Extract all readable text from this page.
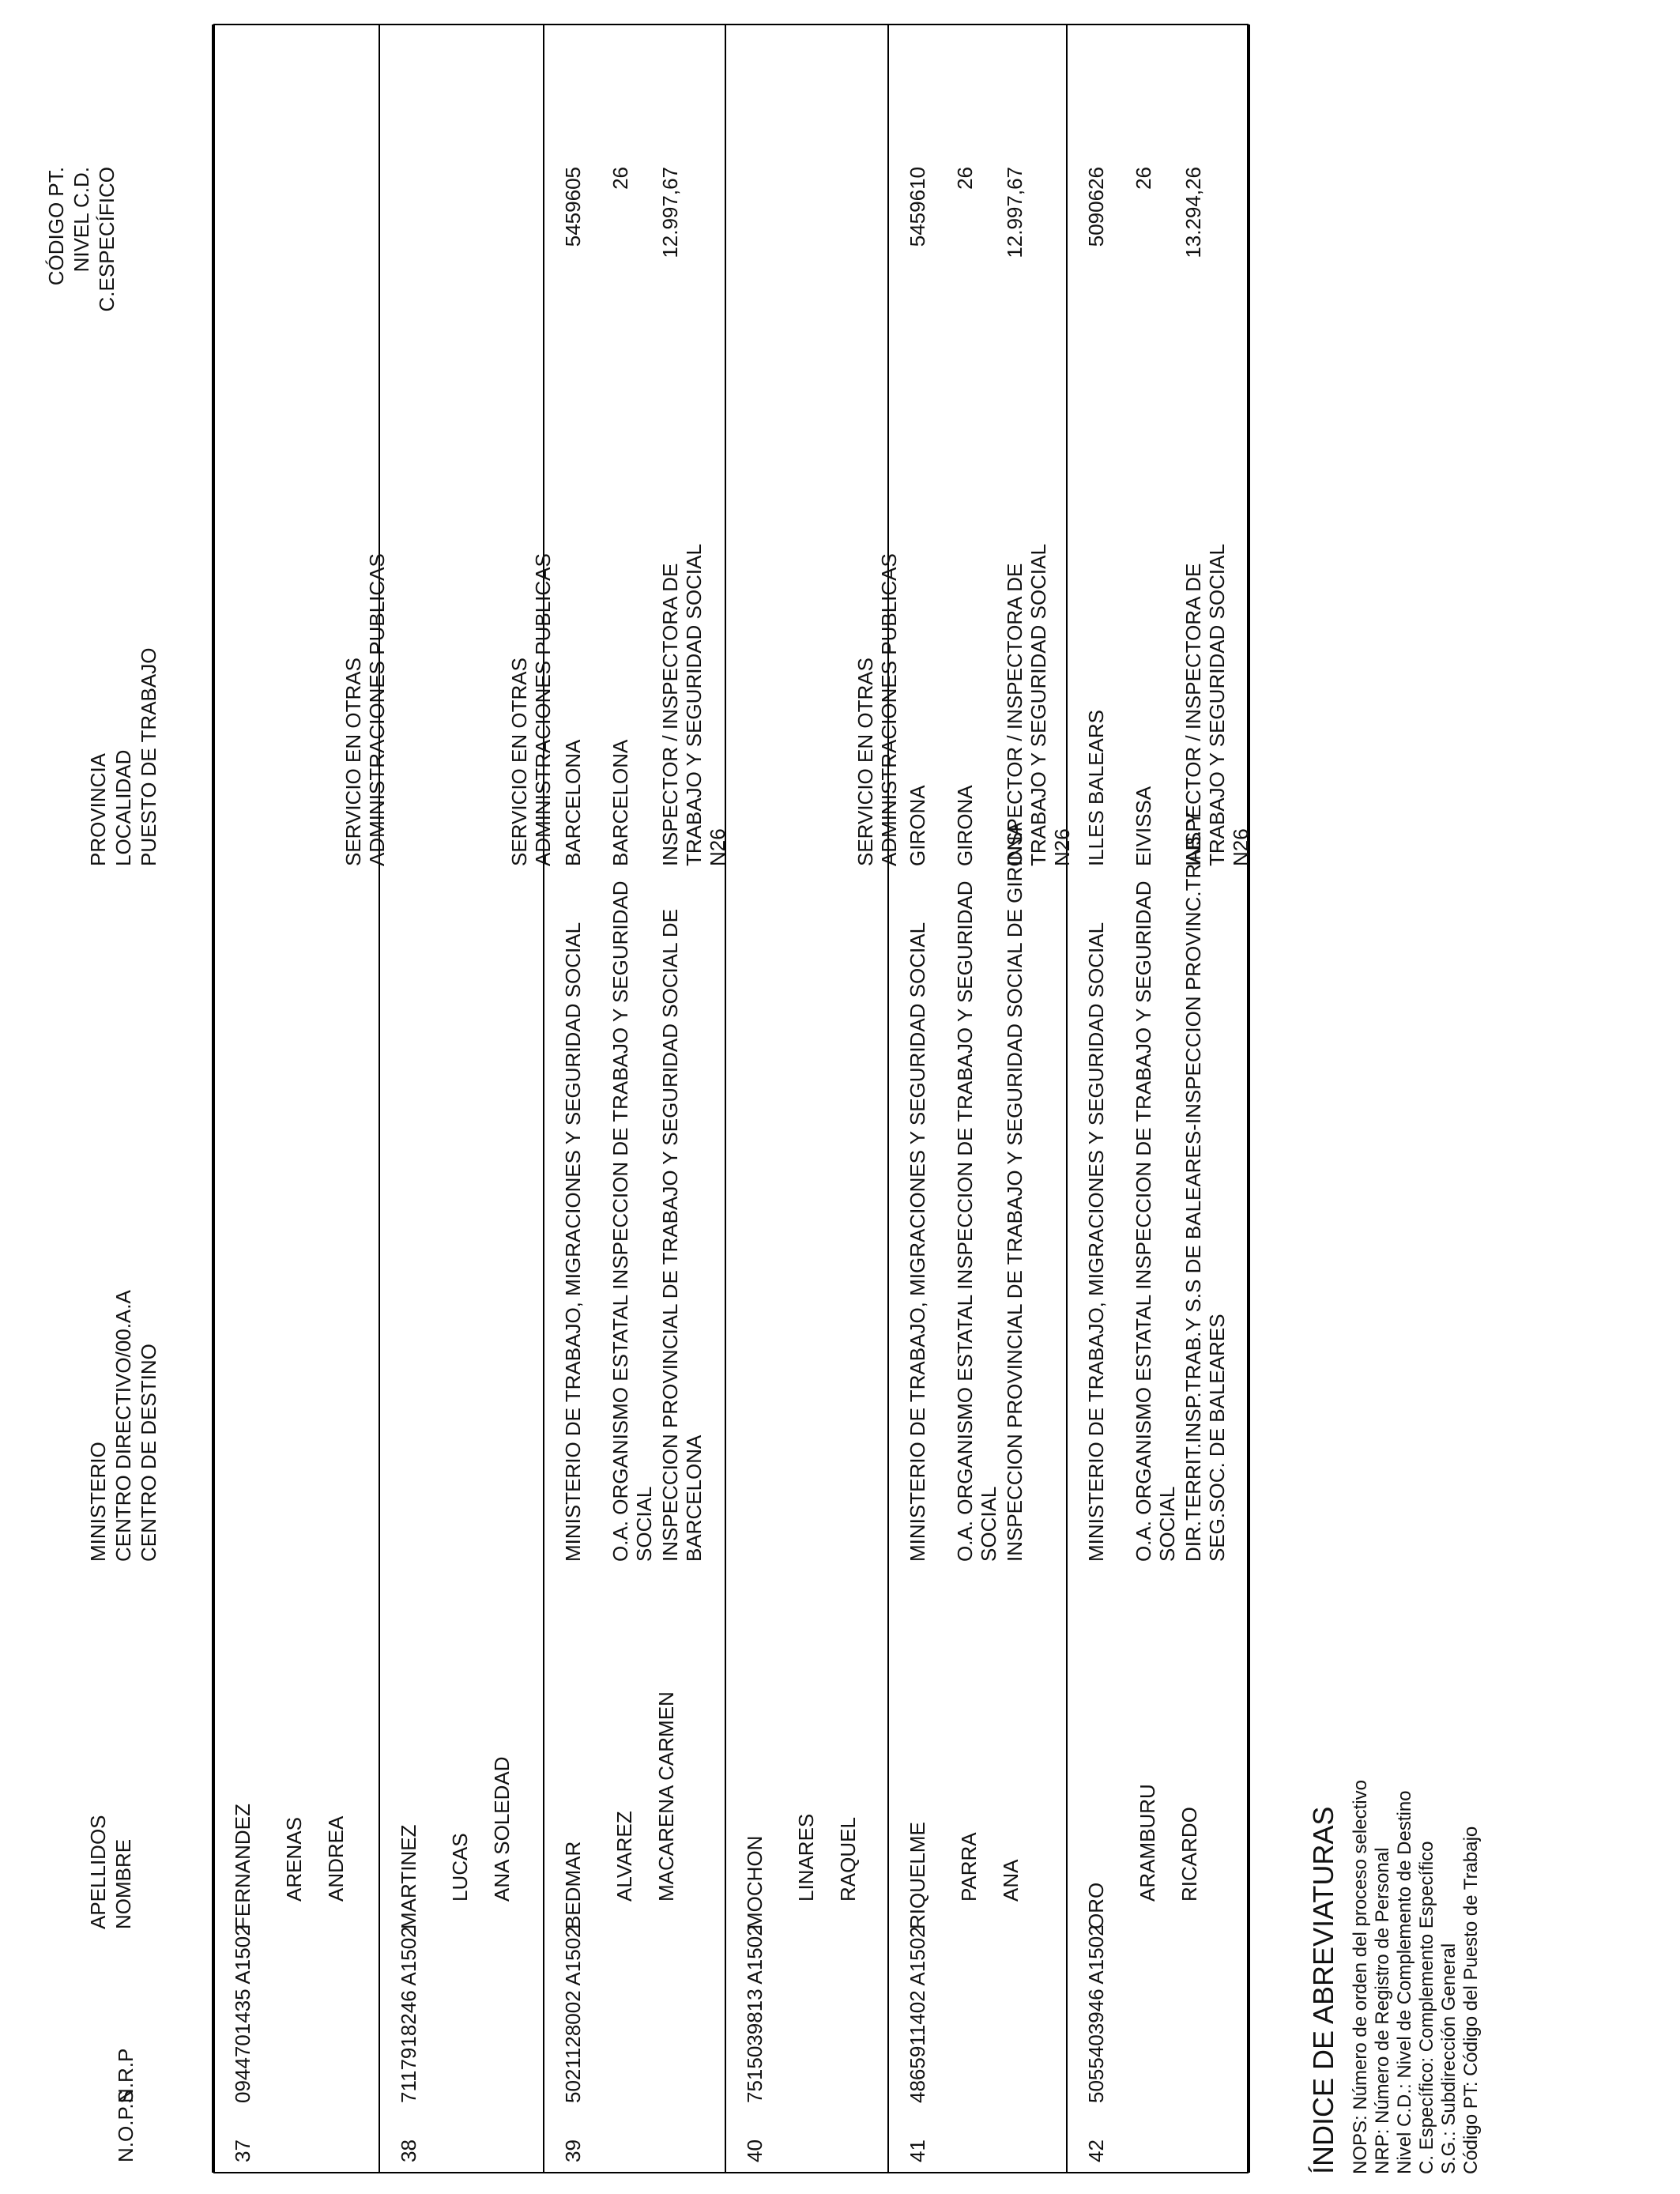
N.O.P.S
N.R.P
APELLIDOS NOMBRE
MINISTERIO CENTRO DIRECTIVO/00.A.A CENTRO DE DESTINO
PROVINCIA LOCALIDAD PUESTO DE TRABAJO
CÓDIGO PT. NIVEL C.D. C.ESPECÍFICO
37
0944701435 A1502
FERNANDEZ ARENAS ANDREA
SERVICIO EN OTRAS ADMINISTRACIONES PUBLICAS
38
7117918246 A1502
MARTINEZ LUCAS ANA SOLEDAD
SERVICIO EN OTRAS ADMINISTRACIONES PUBLICAS
39
5021128002 A1502
BEDMAR ALVAREZ MACARENA CARMEN
MINISTERIO DE TRABAJO, MIGRACIONES Y SEGURIDAD SOCIAL O.A. ORGANISMO ESTATAL INSPECCION DE TRABAJO Y SEGURIDAD SOCIAL INSPECCION PROVINCIAL DE TRABAJO Y SEGURIDAD SOCIAL DE BARCELONA
BARCELONA BARCELONA INSPECTOR / INSPECTORA DE TRABAJO Y SEGURIDAD SOCIAL N26
5459605 26 12.997,67
40
7515039813 A1502
MOCHON LINARES RAQUEL
SERVICIO EN OTRAS ADMINISTRACIONES PUBLICAS
41
4865911402 A1502
RIQUELME PARRA ANA
MINISTERIO DE TRABAJO, MIGRACIONES Y SEGURIDAD SOCIAL O.A. ORGANISMO ESTATAL INSPECCION DE TRABAJO Y SEGURIDAD SOCIAL INSPECCION PROVINCIAL DE TRABAJO Y SEGURIDAD SOCIAL DE GIRONA
GIRONA GIRONA INSPECTOR / INSPECTORA DE TRABAJO Y SEGURIDAD SOCIAL N26
5459610 26 12.997,67
42
5055403946 A1502
ORO
ARAMBURU RICARDO
MINISTERIO DE TRABAJO, MIGRACIONES Y SEGURIDAD SOCIAL O.A. ORGANISMO ESTATAL INSPECCION DE TRABAJO Y SEGURIDAD SOCIAL DIR.TERRIT.INSP.TRAB.Y S.S DE BALEARES-INSPECCION PROVINC.TRAB. Y SEG.SOC. DE BALEARES
ILLES BALEARS EIVISSA INSPECTOR / INSPECTORA DE TRABAJO Y SEGURIDAD SOCIAL N26
5090626 26 13.294,26
ÍNDICE DE ABREVIATURAS NOPS: Número de orden del proceso selectivo NRP: Número de Registro de Personal Nivel C.D.: Nivel de Complemento de Destino C. Específico: Complemento Específico S.G.: Subdirección General Código PT: Código del Puesto de Trabajo
